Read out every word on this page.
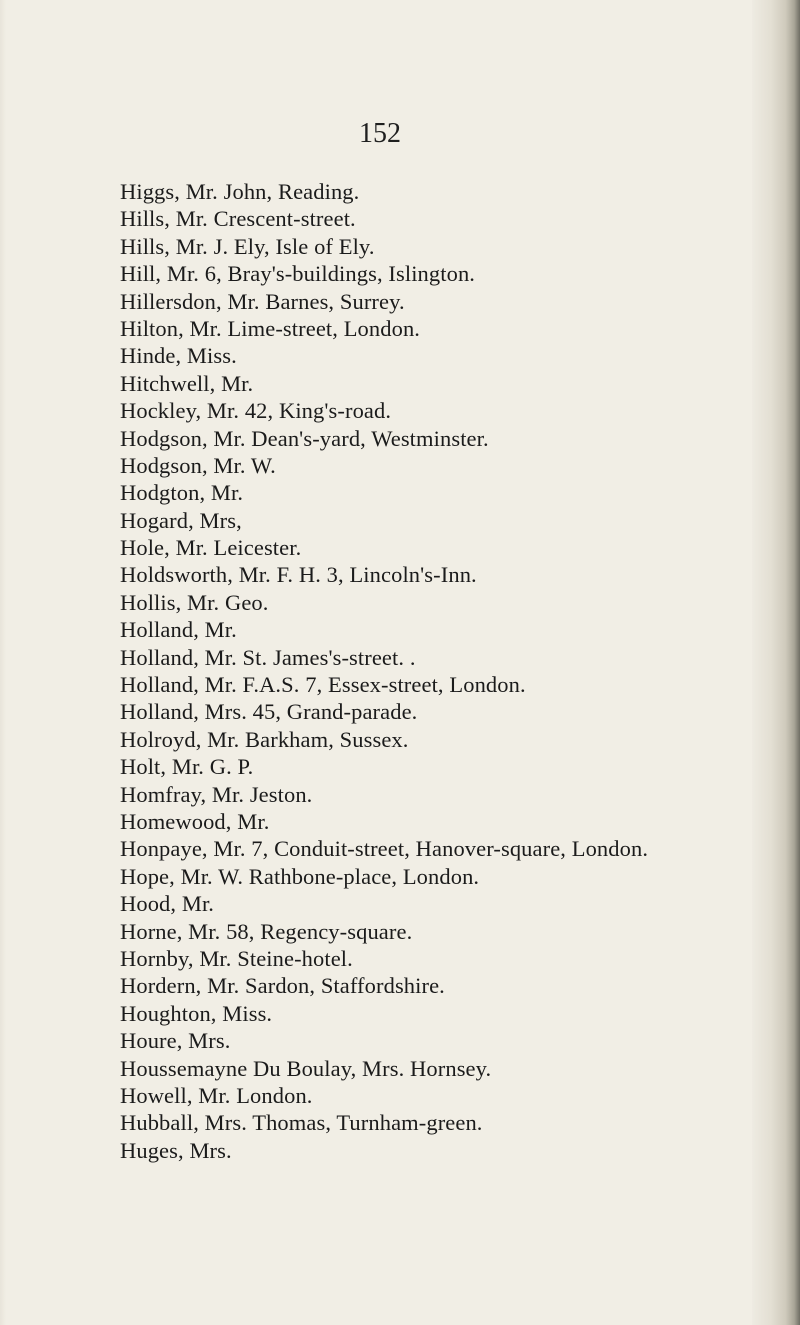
152
Higgs, Mr. John, Reading.
Hills, Mr. Crescent-street.
Hills, Mr. J. Ely, Isle of Ely.
Hill, Mr. 6, Bray's-buildings, Islington.
Hillersdon, Mr. Barnes, Surrey.
Hilton, Mr. Lime-street, London.
Hinde, Miss.
Hitchwell, Mr.
Hockley, Mr. 42, King's-road.
Hodgson, Mr. Dean's-yard, Westminster.
Hodgson, Mr. W.
Hodgton, Mr.
Hogard, Mrs,
Hole, Mr. Leicester.
Holdsworth, Mr. F. H. 3, Lincoln's-Inn.
Hollis, Mr. Geo.
Holland, Mr.
Holland, Mr. St. James's-street. .
Holland, Mr. F.A.S. 7, Essex-street, London.
Holland, Mrs. 45, Grand-parade.
Holroyd, Mr. Barkham, Sussex.
Holt, Mr. G. P.
Homfray, Mr. Jeston.
Homewood, Mr.
Honpaye, Mr. 7, Conduit-street, Hanover-square, London.
Hope, Mr. W. Rathbone-place, London.
Hood, Mr.
Horne, Mr. 58, Regency-square.
Hornby, Mr. Steine-hotel.
Hordern, Mr. Sardon, Staffordshire.
Houghton, Miss.
Houre, Mrs.
Houssemayne Du Boulay, Mrs. Hornsey.
Howell, Mr. London.
Hubball, Mrs. Thomas, Turnham-green.
Huges, Mrs.
